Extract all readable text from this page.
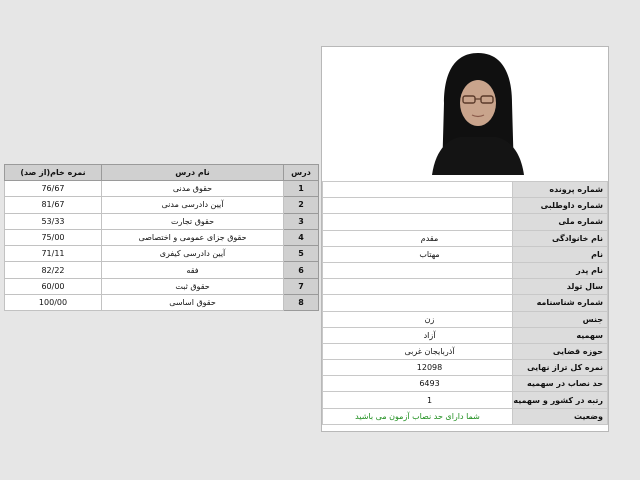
	شماره پرونده
	شماره داوطلبی
	شماره ملی
مقدم	نام خانوادگی
مهتاب	نام
	نام پدر
	سال تولد
	شماره شناسنامه
زن	جنس
آزاد	سهمیه
آذربایجان غربی	حوزه قضایی
12098	نمره کل تراز نهایی
6493	حد نصاب در سهمیه
1	رتبه در کشور و سهمیه
شما دارای حد نصاب آزمون می باشید	وضعیت
نمره خام(از صد)	نام درس	درس
76/67	حقوق مدنی	1
81/67	آیین دادرسی مدنی	2
53/33	حقوق تجارت	3
75/00	حقوق جزای عمومی و اختصاصی	4
71/11	آیین دادرسی کیفری	5
82/22	فقه	6
60/00	حقوق ثبت	7
100/00	حقوق اساسی	8
